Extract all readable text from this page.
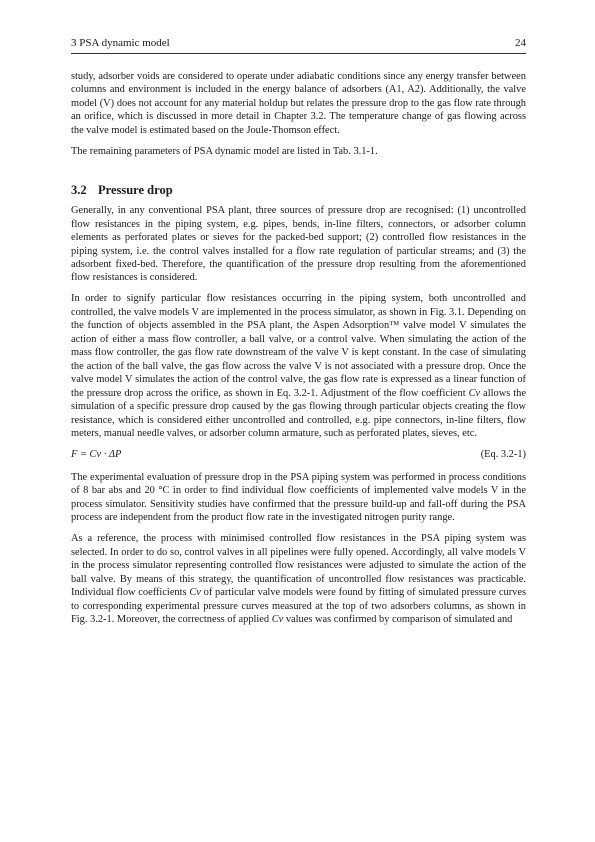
3 PSA dynamic model	24

study, adsorber voids are considered to operate under adiabatic conditions since any energy transfer between columns and environment is included in the energy balance of adsorbers (A1, A2). Additionally, the valve model (V) does not account for any material holdup but relates the pressure drop to the gas flow rate through an orifice, which is discussed in more detail in Chapter 3.2. The temperature change of gas flowing across the valve model is estimated based on the Joule-Thomson effect.

The remaining parameters of PSA dynamic model are listed in Tab. 3.1-1.

3.2 Pressure drop

Generally, in any conventional PSA plant, three sources of pressure drop are recognised: (1) uncontrolled flow resistances in the piping system, e.g. pipes, bends, in-line filters, connectors, or adsorber column elements as perforated plates or sieves for the packed-bed support; (2) controlled flow resistances in the piping system, i.e. the control valves installed for a flow rate regulation of particular streams; and (3) the adsorbent fixed-bed. Therefore, the quantification of the pressure drop resulting from the aforementioned flow resistances is considered.

In order to signify particular flow resistances occurring in the piping system, both uncontrolled and controlled, the valve models V are implemented in the process simulator, as shown in Fig. 3.1. Depending on the function of objects assembled in the PSA plant, the Aspen Adsorption™ valve model V simulates the action of either a mass flow controller, a ball valve, or a control valve. When simulating the action of the mass flow controller, the gas flow rate downstream of the valve V is kept constant. In the case of simulating the action of the ball valve, the gas flow across the valve V is not associated with a pressure drop. Once the valve model V simulates the action of the control valve, the gas flow rate is expressed as a linear function of the pressure drop across the orifice, as shown in Eq. 3.2-1. Adjustment of the flow coefficient Cv allows the simulation of a specific pressure drop caused by the gas flowing through particular objects creating the flow resistance, which is considered either uncontrolled and controlled, e.g. pipe connectors, in-line filters, flow meters, manual needle valves, or adsorber column armature, such as perforated plates, sieves, etc.

F = Cv · ΔP	(Eq. 3.2-1)

The experimental evaluation of pressure drop in the PSA piping system was performed in process conditions of 8 bar abs and 20 °C in order to find individual flow coefficients of implemented valve models V in the process simulator. Sensitivity studies have confirmed that the pressure build-up and fall-off during the PSA process are independent from the product flow rate in the investigated nitrogen purity range.

As a reference, the process with minimised controlled flow resistances in the PSA piping system was selected. In order to do so, control valves in all pipelines were fully opened. Accordingly, all valve models V in the process simulator representing controlled flow resistances were adjusted to simulate the action of the ball valve. By means of this strategy, the quantification of uncontrolled flow resistances was practicable. Individual flow coefficients Cv of particular valve models were found by fitting of simulated pressure curves to corresponding experimental pressure curves measured at the top of two adsorbers columns, as shown in Fig. 3.2-1. Moreover, the correctness of applied Cv values was confirmed by comparison of simulated and
